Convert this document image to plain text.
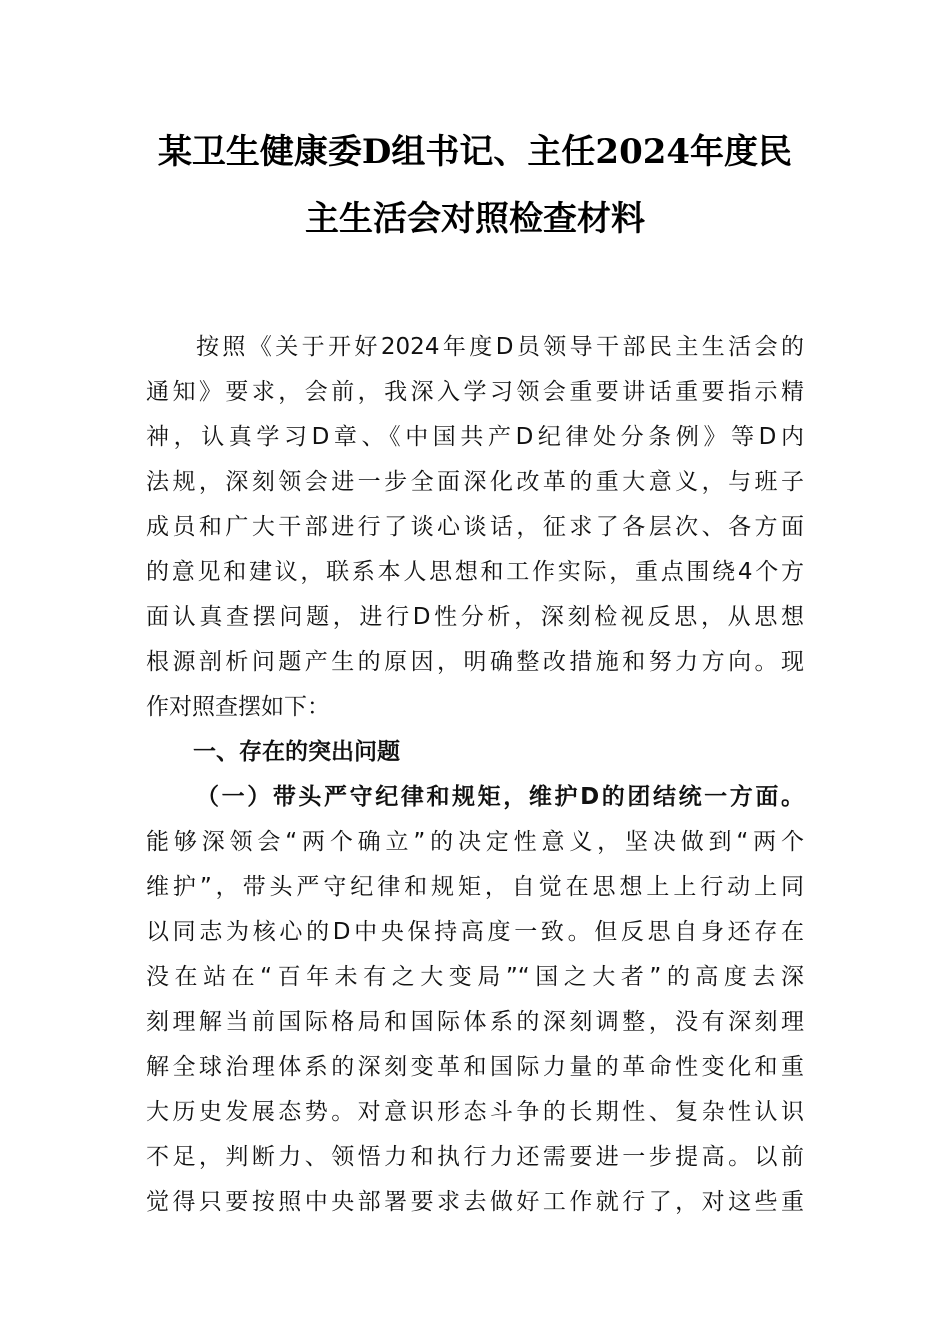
某卫生健康委D组书记、主任2024年度民
主生活会对照检查材料
按照《关于开好2024年度D员领导干部民主生活会的
通知》要求，会前，我深入学习领会重要讲话重要指示精
神，认真学习D章、《中国共产D纪律处分条例》等D内
法规，深刻领会进一步全面深化改革的重大意义，与班子
成员和广大干部进行了谈心谈话，征求了各层次、各方面
的意见和建议，联系本人思想和工作实际，重点围绕4个方
面认真查摆问题，进行D性分析，深刻检视反思，从思想
根源剖析问题产生的原因，明确整改措施和努力方向。现
作对照查摆如下：
一、存在的突出问题
（一）带头严守纪律和规矩，维护D的团结统一方面。
能够深领会“两个确立”的决定性意义，坚决做到“两个
维护”，带头严守纪律和规矩，自觉在思想上上行动上同
以同志为核心的D中央保持高度一致。但反思自身还存在
没在站在“百年未有之大变局”“国之大者”的高度去深
刻理解当前国际格局和国际体系的深刻调整，没有深刻理
解全球治理体系的深刻变革和国际力量的革命性变化和重
大历史发展态势。对意识形态斗争的长期性、复杂性认识
不足，判断力、领悟力和执行力还需要进一步提高。以前
觉得只要按照中央部署要求去做好工作就行了，对这些重
